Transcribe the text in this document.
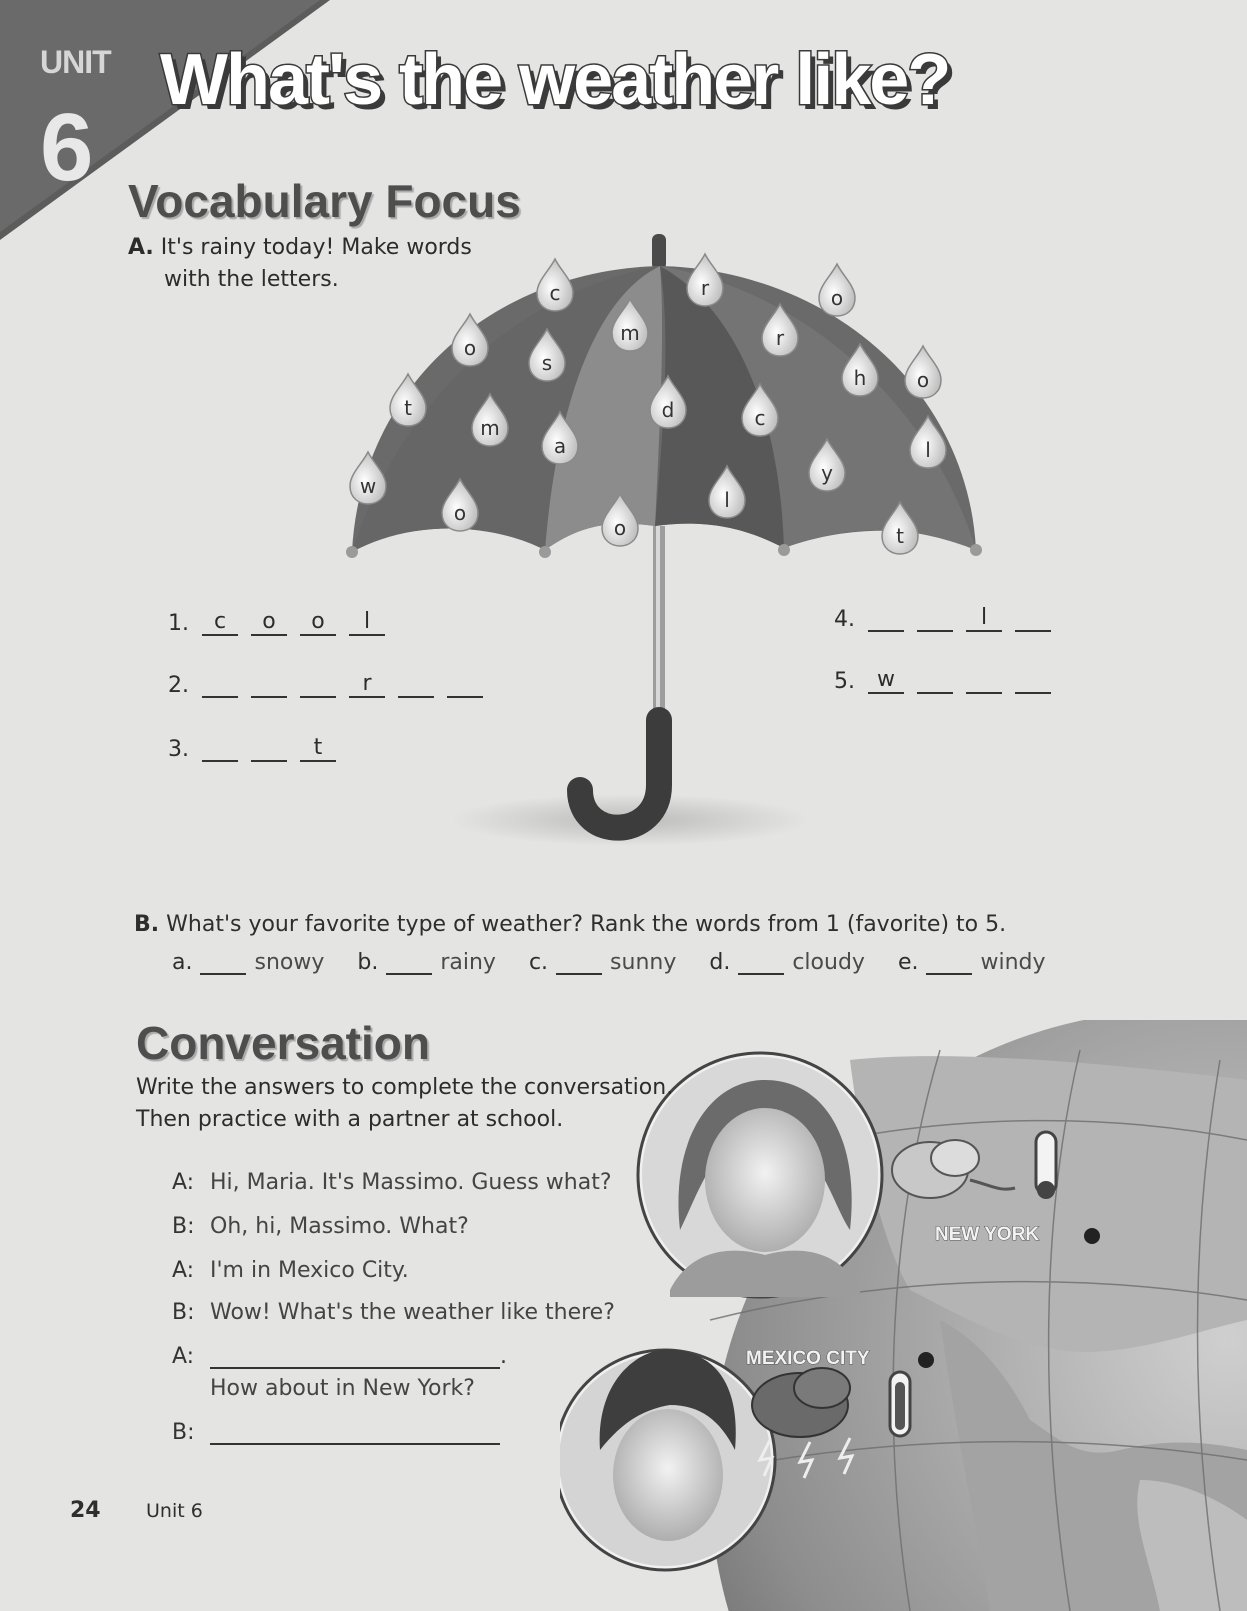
UNIT
6
What's the weather like?
Vocabulary Focus
A. It's rainy today! Make words
with the letters.
c	r	o
m	r
o
s
h	o
t	d	c
m
a	l
w
y
o
l
o	t
1. c o o l
2.	r
3.	t
4.	l
5. w
B. What's your favorite type of weather? Rank the words from 1 (favorite) to 5.
a.	snowy b.	rainy c.	sunny d.	cloudy e.	windy
NEW YORK
MEXICO CITY
Conversation
Write the answers to complete the conversation.
Then practice with a partner at school.
A: Hi, Maria. It's Massimo. Guess what?
B: Oh, hi, Massimo. What?
A: I'm in Mexico City.
B: Wow! What's the weather like there?
A:	.
How about in New York?
B:
24 Unit 6
